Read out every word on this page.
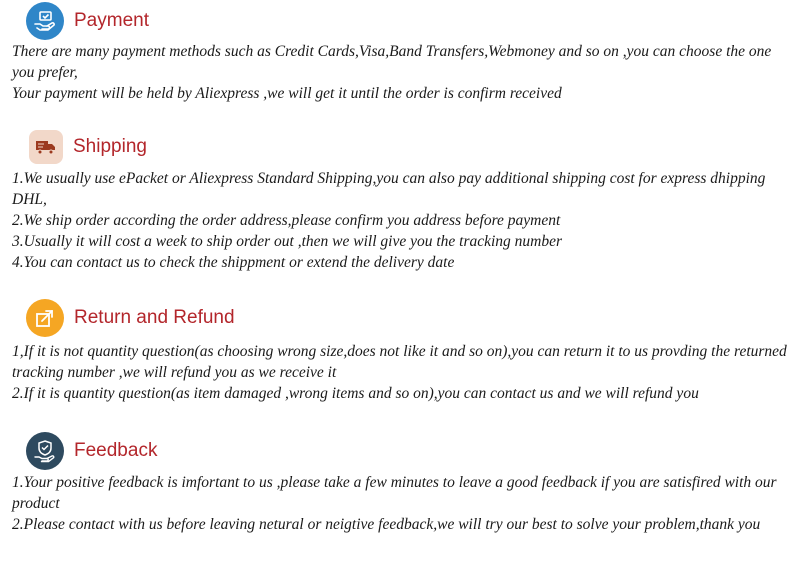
Payment
There are many payment methods such as Credit Cards,Visa,Band Transfers,Webmoney and so on ,you can choose the one you prefer,
Your payment will be held by Aliexpress ,we will get it until the order is confirm received
Shipping
1.We usually use ePacket or Aliexpress Standard Shipping,you can also pay additional shipping cost for express dhipping DHL,
2.We ship order according the order address,please confirm you address before payment
3.Usually it will cost a week to ship order out ,then we will give you the tracking number
4.You can contact us to check the shippment or extend the delivery date
Return and Refund
1,If it is not quantity question(as choosing wrong size,does not like it and so on),you can return it to us provding the returned tracking number ,we will refund you as we receive it
2.If it is quantity question(as item damaged ,wrong items and so on),you can contact us and we will refund you
Feedback
1.Your positive feedback is imfortant to us ,please take a few minutes to leave a good feedback if you are satisfired with our product
2.Please contact with us before leaving netural or neigtive feedback,we will try our best to solve your problem,thank you
